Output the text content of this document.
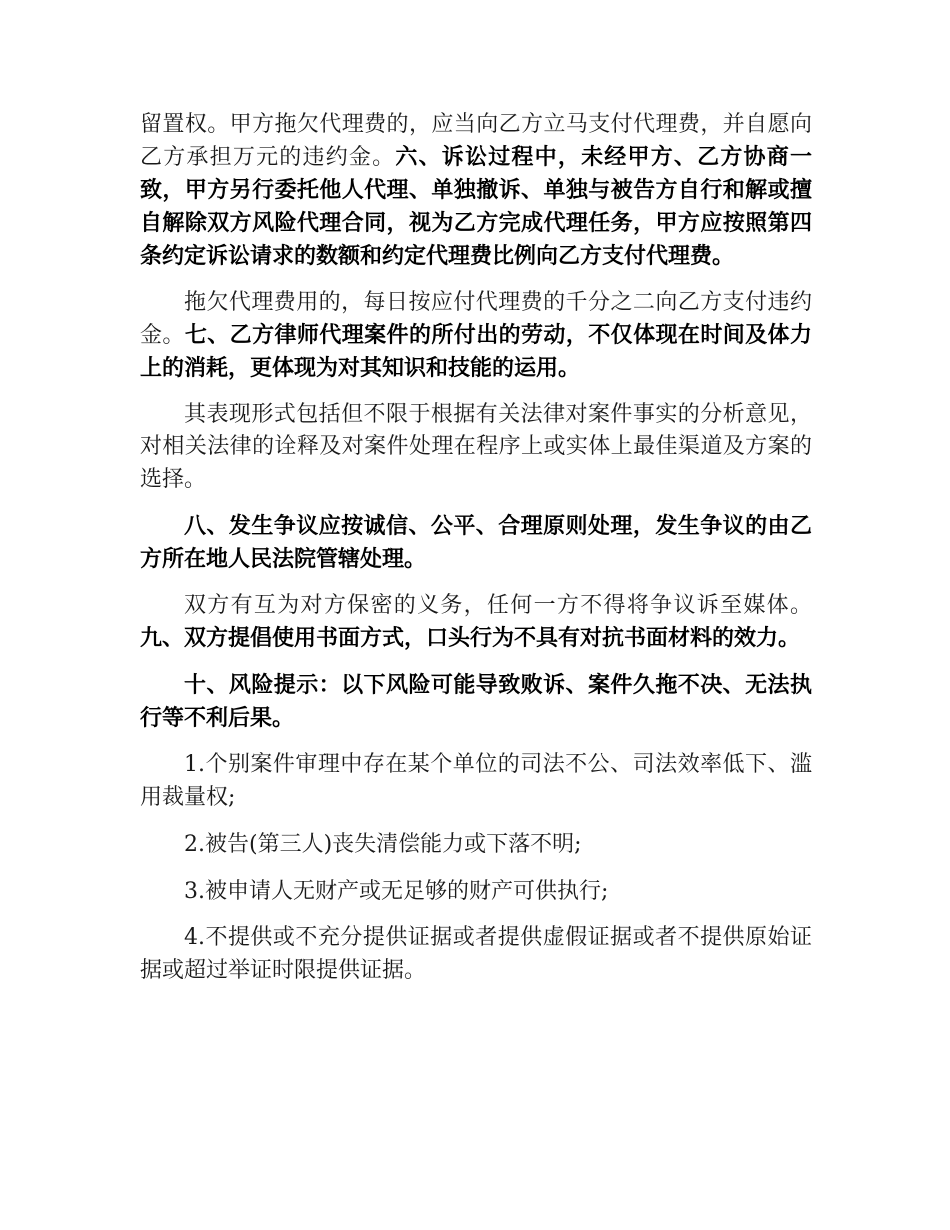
留置权。甲方拖欠代理费的，应当向乙方立马支付代理费，并自愿向乙方承担万元的违约金。六、诉讼过程中，未经甲方、乙方协商一致，甲方另行委托他人代理、单独撤诉、单独与被告方自行和解或擅自解除双方风险代理合同，视为乙方完成代理任务，甲方应按照第四条约定诉讼请求的数额和约定代理费比例向乙方支付代理费。

拖欠代理费用的，每日按应付代理费的千分之二向乙方支付违约金。七、乙方律师代理案件的所付出的劳动，不仅体现在时间及体力上的消耗，更体现为对其知识和技能的运用。

其表现形式包括但不限于根据有关法律对案件事实的分析意见，对相关法律的诠释及对案件处理在程序上或实体上最佳渠道及方案的选择。

八、发生争议应按诚信、公平、合理原则处理，发生争议的由乙方所在地人民法院管辖处理。

双方有互为对方保密的义务，任何一方不得将争议诉至媒体。九、双方提倡使用书面方式，口头行为不具有对抗书面材料的效力。

十、风险提示：以下风险可能导致败诉、案件久拖不决、无法执行等不利后果。

1.个别案件审理中存在某个单位的司法不公、司法效率低下、滥用裁量权;

2.被告(第三人)丧失清偿能力或下落不明;

3.被申请人无财产或无足够的财产可供执行;

4.不提供或不充分提供证据或者提供虚假证据或者不提供原始证据或超过举证时限提供证据。
